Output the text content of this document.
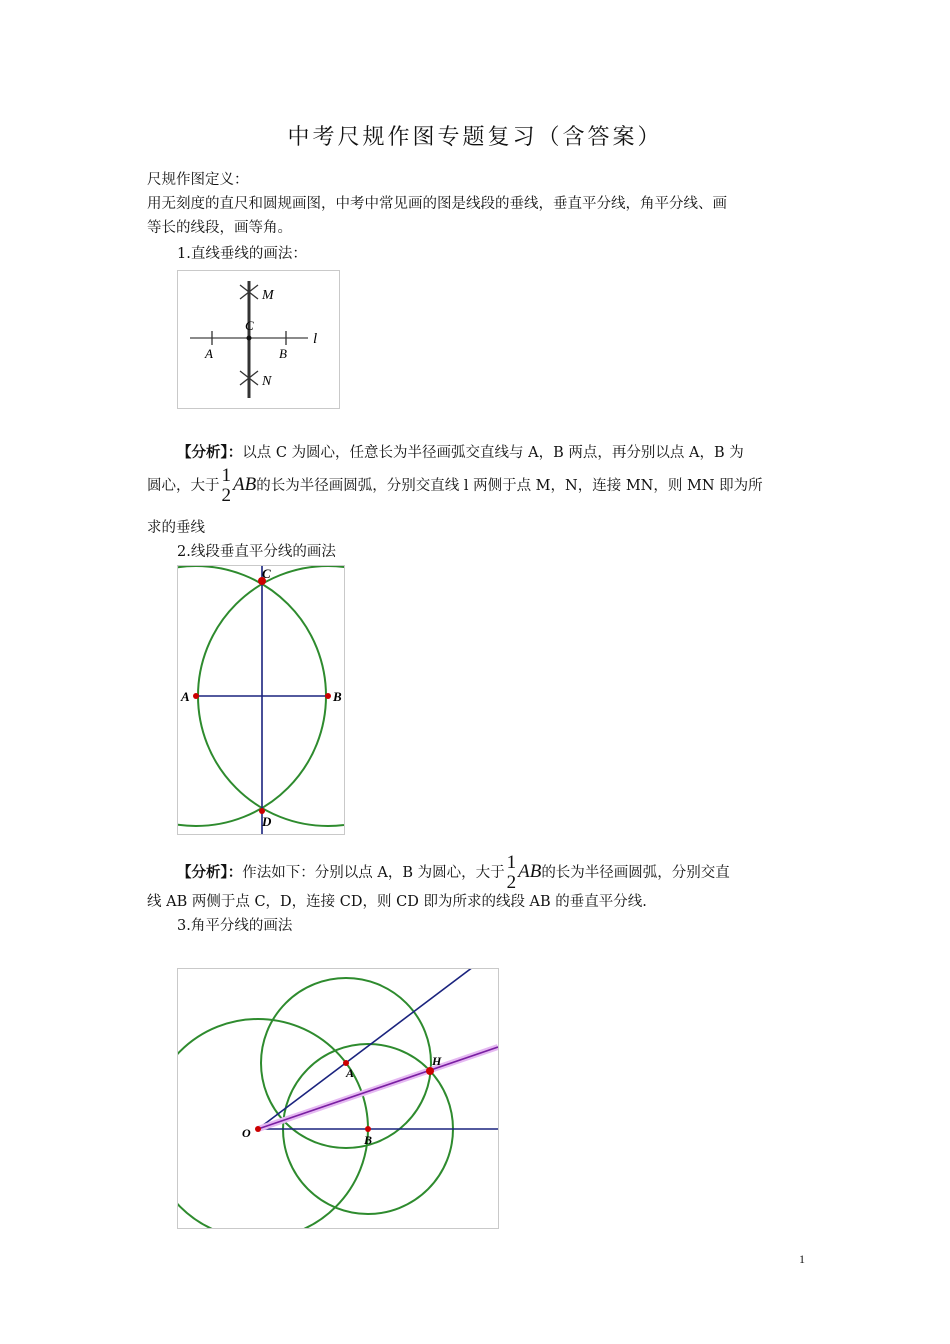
中考尺规作图专题复习（含答案）
尺规作图定义：
用无刻度的直尺和圆规画图，中考中常见画的图是线段的垂线，垂直平分线，角平分线、画
等长的线段，画等角。
1.直线垂线的画法：
M
C
l
A	B
N
【分析】：以点 C 为圆心，任意长为半径画弧交直线与 A，B 两点，再分别以点 A，B 为
圆心，大于 1
2
AB的长为半径画圆弧，分别交直线 l 两侧于点 M，N，连接 MN，则 MN 即为所
求的垂线
2.线段垂直平分线的画法
A	B
C
D
【分析】：作法如下：分别以点 A，B 为圆心，大于 1
2
AB的长为半径画圆弧，分别交直
线 AB 两侧于点 C，D，连接 CD，则 CD 即为所求的线段 AB 的垂直平分线.
3.角平分线的画法
O
A
B
H
1
